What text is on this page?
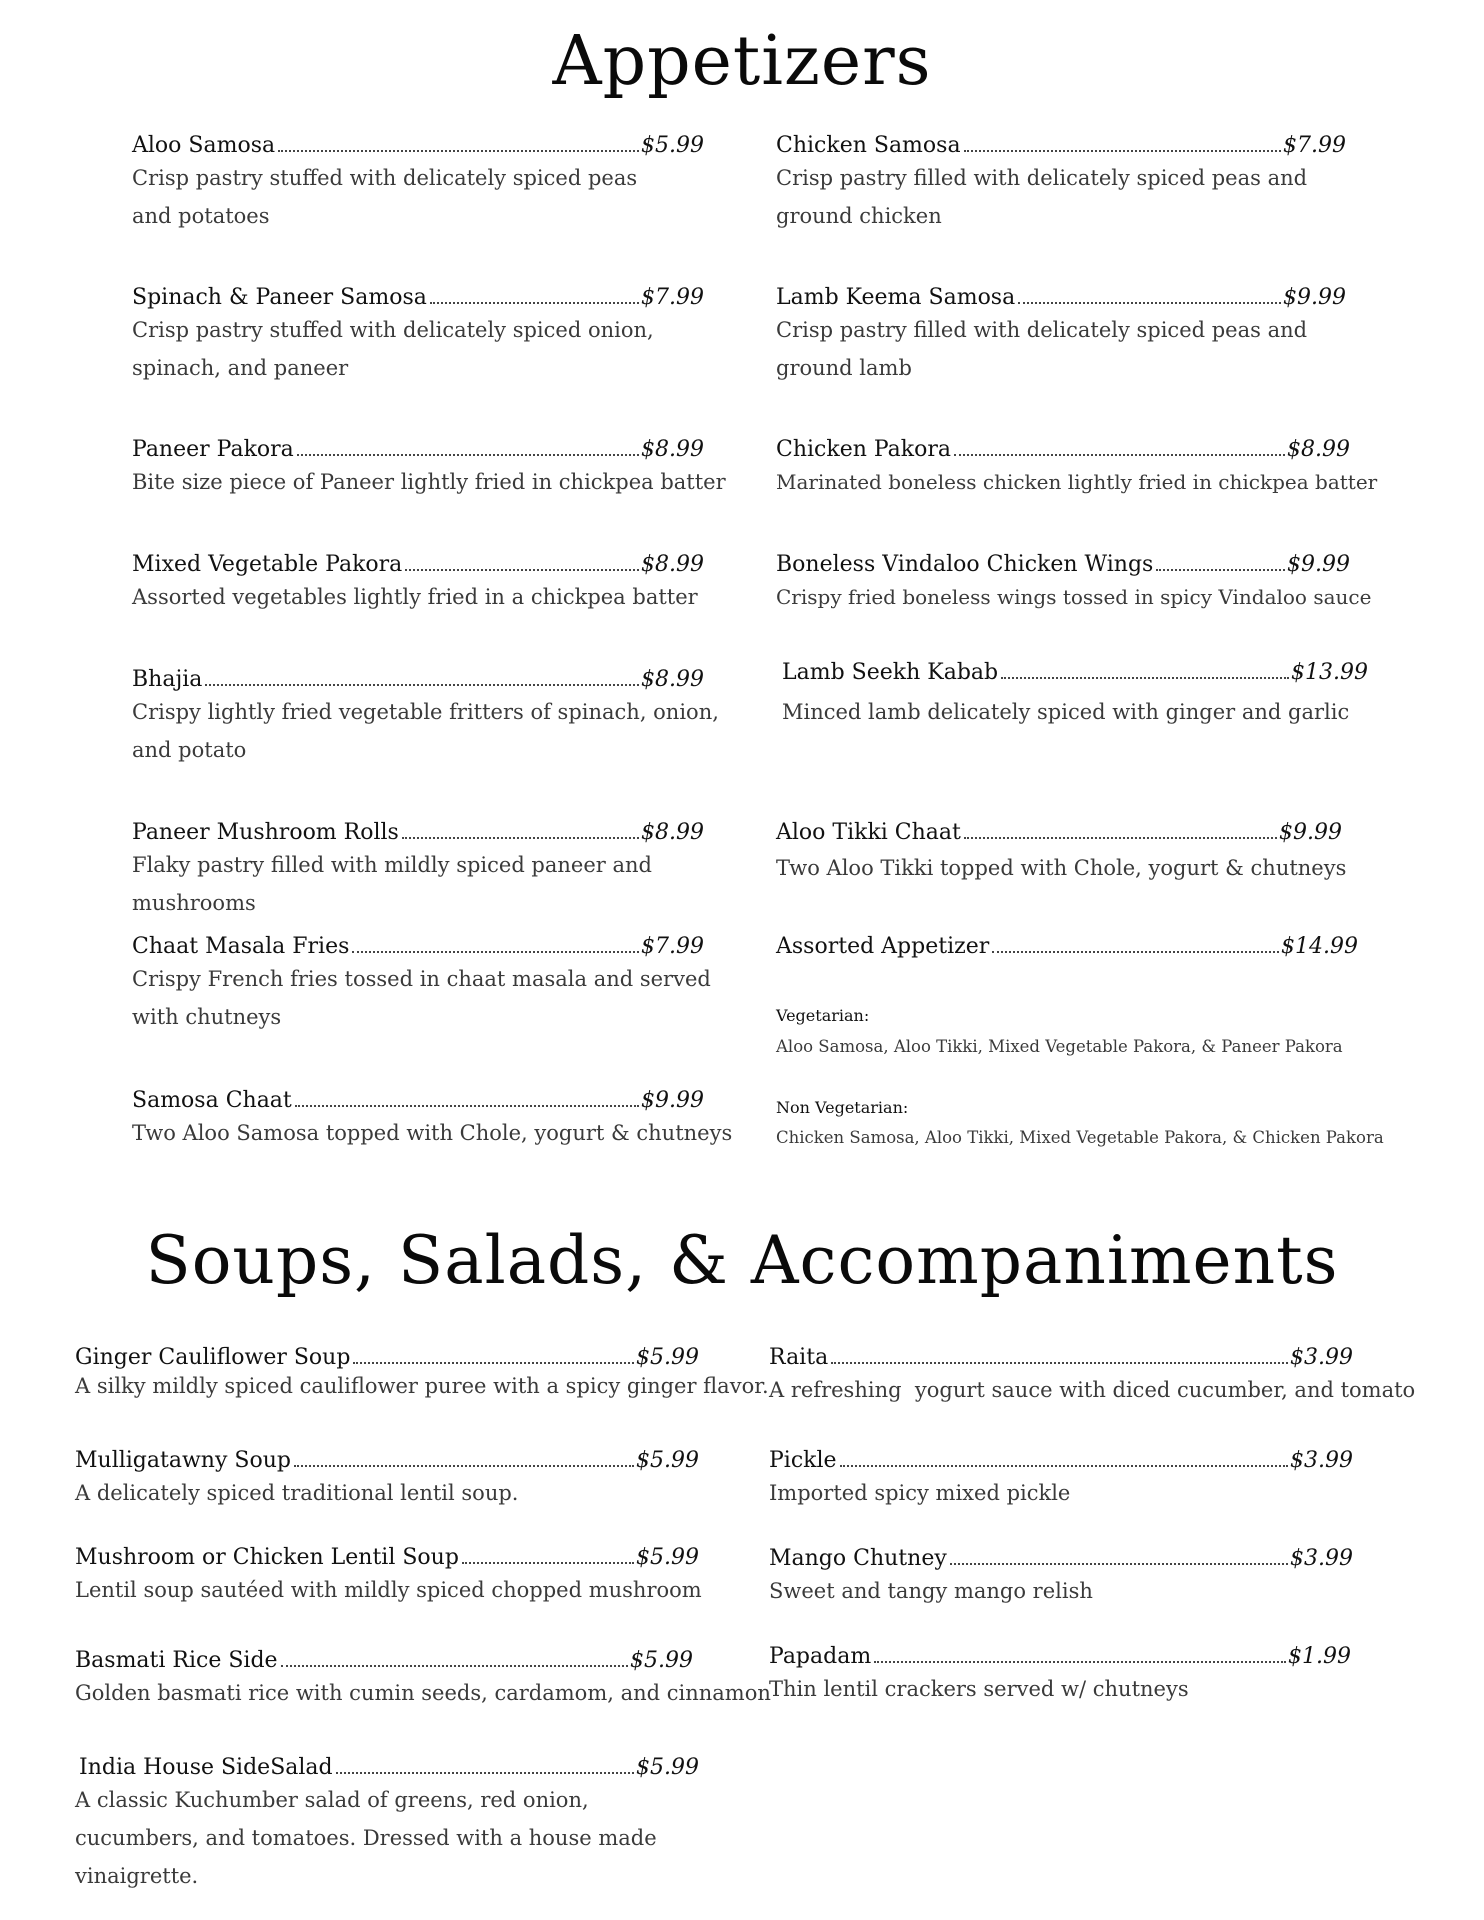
Appetizers
Aloo Samosa	$5.99

Crisp pastry stuffed with delicately spiced peas and potatoes

Spinach & Paneer Samosa	$7.99

Crisp pastry stuffed with delicately spiced onion, spinach, and paneer

Paneer Pakora	$8.99

Bite size piece of Paneer lightly fried in chickpea batter

Mixed Vegetable Pakora	$8.99

Assorted vegetables lightly fried in a chickpea batter

Bhajia	$8.99

Crispy lightly fried vegetable fritters of spinach, onion, and potato

Paneer Mushroom Rolls	$8.99

Flaky pastry filled with mildly spiced paneer and mushrooms

Chaat Masala Fries	$7.99

Crispy French fries tossed in chaat masala and served with chutneys

Samosa Chaat	$9.99

Two Aloo Samosa topped with Chole, yogurt & chutneys

Chicken Samosa	$7.99

Crisp pastry filled with delicately spiced peas and ground chicken

Lamb Keema Samosa	$9.99

Crisp pastry filled with delicately spiced peas and ground lamb

Chicken Pakora	$8.99

Marinated boneless chicken lightly fried in chickpea batter

Boneless Vindaloo Chicken Wings	$9.99

Crispy fried boneless wings tossed in spicy Vindaloo sauce

Lamb Seekh Kabab	$13.99

Minced lamb delicately spiced with ginger and garlic

Aloo Tikki Chaat	$9.99

Two Aloo Tikki topped with Chole, yogurt & chutneys

Assorted Appetizer	$14.99
Vegetarian:
Aloo Samosa, Aloo Tikki, Mixed Vegetable Pakora, & Paneer Pakora
Non Vegetarian:
Chicken Samosa, Aloo Tikki, Mixed Vegetable Pakora, & Chicken Pakora
Soups, Salads, & Accompaniments
Ginger Cauliflower Soup	$5.99

A silky mildly spiced cauliflower puree with a spicy ginger flavor.

Mulligatawny Soup	$5.99

A delicately spiced traditional lentil soup.

Mushroom or Chicken Lentil Soup	$5.99

Lentil soup sautéed with mildly spiced chopped mushroom

Basmati Rice Side	$5.99

Golden basmati rice with cumin seeds, cardamom, and cinnamon

India House SideSalad	$5.99

A classic Kuchumber salad of greens, red onion, cucumbers, and tomatoes. Dressed with a house made vinaigrette.

Raita	$3.99

A refreshing  yogurt sauce with diced cucumber, and tomato

Pickle	$3.99

Imported spicy mixed pickle

Mango Chutney	$3.99

Sweet and tangy mango relish

Papadam	$1.99

Thin lentil crackers served w/ chutneys
